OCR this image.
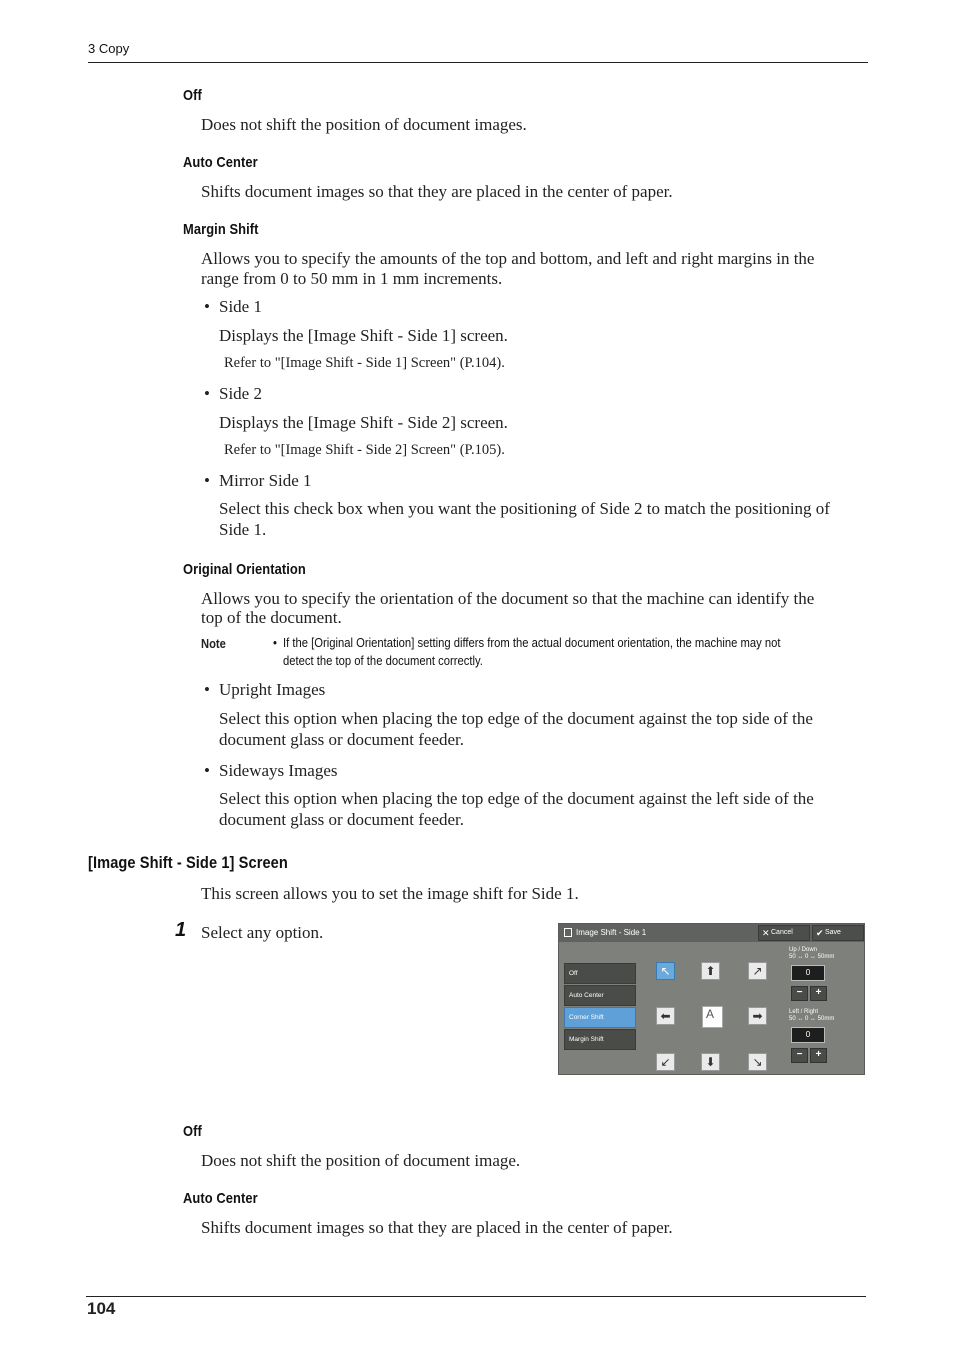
3 Copy
Off
Does not shift the position of document images.
Auto Center
Shifts document images so that they are placed in the center of paper.
Margin Shift
Allows you to specify the amounts of the top and bottom, and left and right margins in the
range from 0 to 50 mm in 1 mm increments.
• Side 1
Displays the [Image Shift - Side 1] screen.
Refer to "[Image Shift - Side 1] Screen" (P.104).
• Side 2
Displays the [Image Shift - Side 2] screen.
Refer to "[Image Shift - Side 2] Screen" (P.105).
• Mirror Side 1
Select this check box when you want the positioning of Side 2 to match the positioning of
Side 1.
Original Orientation
Allows you to specify the orientation of the document so that the machine can identify the
top of the document.
Note	• If the [Original Orientation] setting differs from the actual document orientation, the machine may not
detect the top of the document correctly.
• Upright Images
Select this option when placing the top edge of the document against the top side of the
document glass or document feeder.
• Sideways Images
Select this option when placing the top edge of the document against the left side of the
document glass or document feeder.
[Image Shift - Side 1] Screen
This screen allows you to set the image shift for Side 1.
1 Select any option.	Image Shift - Side 1	✕ Cancel	✔ Save
Off
Auto Center
Corner Shift
Margin Shift
↖	⬆	↗
⬅	A	➡
↙	⬇	↘
Up / Down
50 ↔ 0 ↔ 50mm
0
−	+
Left / Right
50 ↔ 0 ↔ 50mm
0
−	+
Off
Does not shift the position of document image.
Auto Center
Shifts document images so that they are placed in the center of paper.
104
